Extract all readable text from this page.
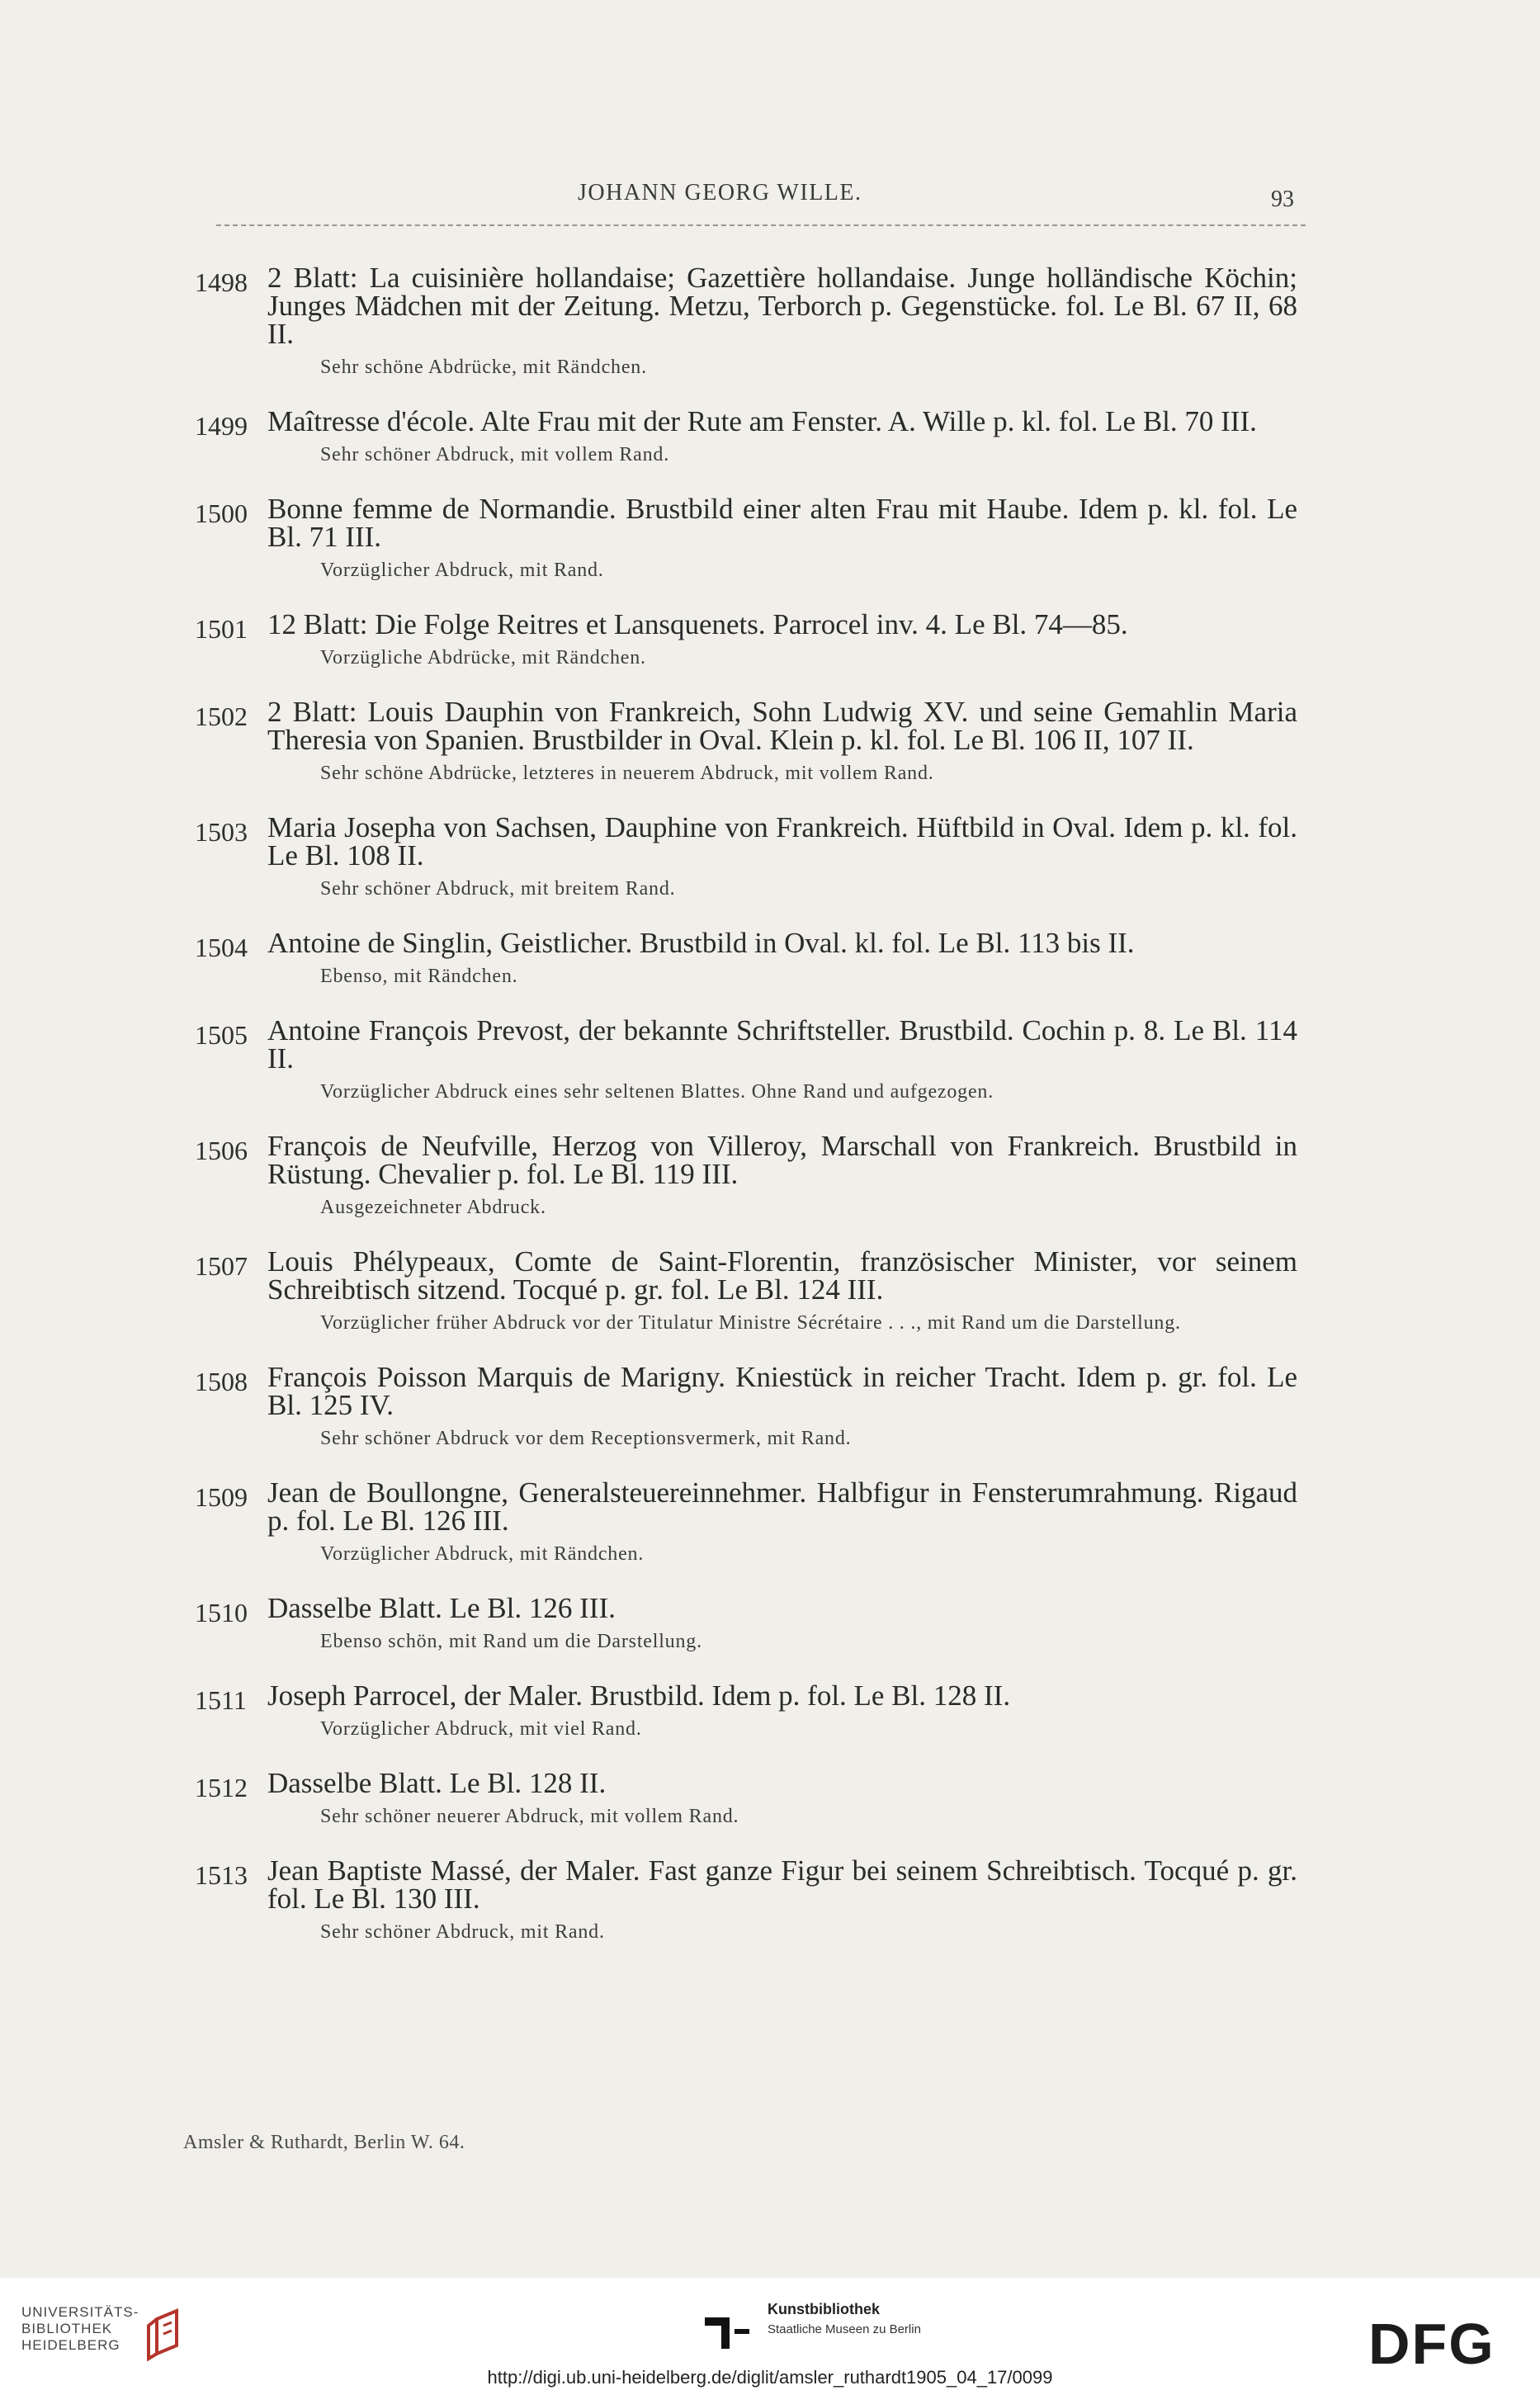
JOHANN GEORG WILLE.	93
1498 2 Blatt: La cuisinière hollandaise; Gazettière hollandaise. Junge holländische Köchin; Junges Mädchen mit der Zeitung. Metzu, Terborch p. Gegenstücke. fol. Le Bl. 67 II, 68 II.
Sehr schöne Abdrücke, mit Rändchen.
1499 Maîtresse d'école. Alte Frau mit der Rute am Fenster. A. Wille p. kl. fol. Le Bl. 70 III.
Sehr schöner Abdruck, mit vollem Rand.
1500 Bonne femme de Normandie. Brustbild einer alten Frau mit Haube. Idem p. kl. fol. Le Bl. 71 III.
Vorzüglicher Abdruck, mit Rand.
1501 12 Blatt: Die Folge Reitres et Lansquenets. Parrocel inv. 4. Le Bl. 74—85.
Vorzügliche Abdrücke, mit Rändchen.
1502 2 Blatt: Louis Dauphin von Frankreich, Sohn Ludwig XV. und seine Gemahlin Maria Theresia von Spanien. Brustbilder in Oval. Klein p. kl. fol. Le Bl. 106 II, 107 II.
Sehr schöne Abdrücke, letzteres in neuerem Abdruck, mit vollem Rand.
1503 Maria Josepha von Sachsen, Dauphine von Frankreich. Hüftbild in Oval. Idem p. kl. fol. Le Bl. 108 II.
Sehr schöner Abdruck, mit breitem Rand.
1504 Antoine de Singlin, Geistlicher. Brustbild in Oval. kl. fol. Le Bl. 113 bis II.
Ebenso, mit Rändchen.
1505 Antoine François Prevost, der bekannte Schriftsteller. Brustbild. Cochin p. 8. Le Bl. 114 II.
Vorzüglicher Abdruck eines sehr seltenen Blattes. Ohne Rand und aufgezogen.
1506 François de Neufville, Herzog von Villeroy, Marschall von Frankreich. Brustbild in Rüstung. Chevalier p. fol. Le Bl. 119 III.
Ausgezeichneter Abdruck.
1507 Louis Phélypeaux, Comte de Saint-Florentin, französischer Minister, vor seinem Schreibtisch sitzend. Tocqué p. gr. fol. Le Bl. 124 III.
Vorzüglicher früher Abdruck vor der Titulatur Ministre Sécrétaire . . ., mit Rand um die Darstellung.
1508 François Poisson Marquis de Marigny. Kniestück in reicher Tracht. Idem p. gr. fol. Le Bl. 125 IV.
Sehr schöner Abdruck vor dem Receptionsvermerk, mit Rand.
1509 Jean de Boullongne, Generalsteuereinnehmer. Halbfigur in Fensterumrahmung. Rigaud p. fol. Le Bl. 126 III.
Vorzüglicher Abdruck, mit Rändchen.
1510 Dasselbe Blatt. Le Bl. 126 III.
Ebenso schön, mit Rand um die Darstellung.
1511 Joseph Parrocel, der Maler. Brustbild. Idem p. fol. Le Bl. 128 II.
Vorzüglicher Abdruck, mit viel Rand.
1512 Dasselbe Blatt. Le Bl. 128 II.
Sehr schöner neuerer Abdruck, mit vollem Rand.
1513 Jean Baptiste Massé, der Maler. Fast ganze Figur bei seinem Schreibtisch. Tocqué p. gr. fol. Le Bl. 130 III.
Sehr schöner Abdruck, mit Rand.
Amsler & Ruthardt, Berlin W. 64.
UNIVERSITÄTS-
BIBLIOTHEK
HEIDELBERG
Kunstbibliothek
Staatliche Museen zu Berlin	DFG
http://digi.ub.uni-heidelberg.de/diglit/amsler_ruthardt1905_04_17/0099
